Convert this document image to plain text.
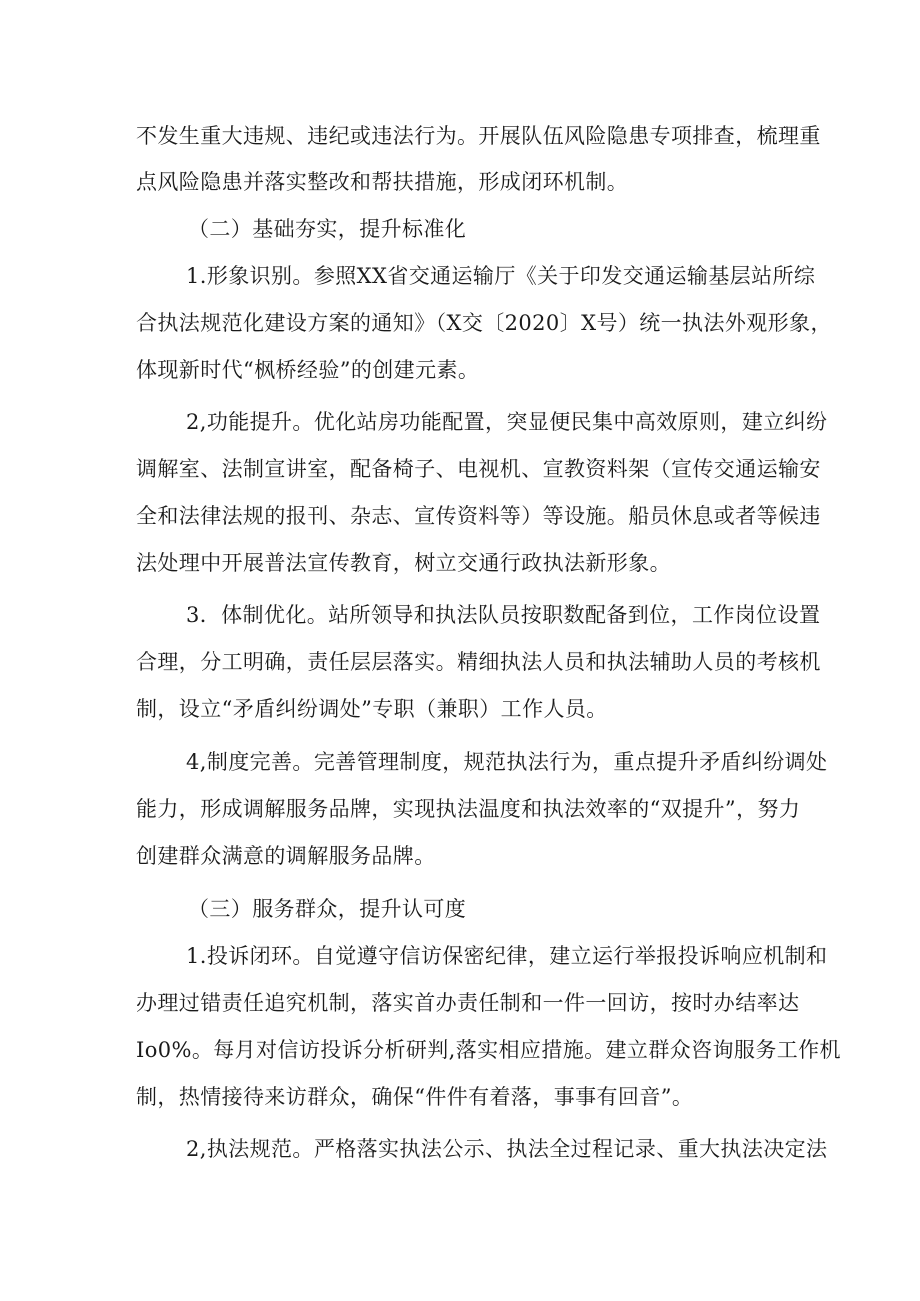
不发生重大违规、违纪或违法行为。开展队伍风险隐患专项排查，梳理重
点风险隐患并落实整改和帮扶措施，形成闭环机制。
（二）基础夯实，提升标准化
1.形象识别。参照XX省交通运输厅《关于印发交通运输基层站所综
合执法规范化建设方案的通知》（X交〔2020〕X号）统一执法外观形象，
体现新时代“枫桥经验”的创建元素。
2,功能提升。优化站房功能配置，突显便民集中高效原则，建立纠纷
调解室、法制宣讲室，配备椅子、电视机、宣教资料架（宣传交通运输安
全和法律法规的报刊、杂志、宣传资料等）等设施。船员休息或者等候违
法处理中开展普法宣传教育，树立交通行政执法新形象。
3．体制优化。站所领导和执法队员按职数配备到位，工作岗位设置
合理，分工明确，责任层层落实。精细执法人员和执法辅助人员的考核机
制，设立“矛盾纠纷调处”专职（兼职）工作人员。
4,制度完善。完善管理制度，规范执法行为，重点提升矛盾纠纷调处
能力，形成调解服务品牌，实现执法温度和执法效率的“双提升”，努力
创建群众满意的调解服务品牌。
（三）服务群众，提升认可度
1.投诉闭环。自觉遵守信访保密纪律，建立运行举报投诉响应机制和
办理过错责任追究机制，落实首办责任制和一件一回访，按时办结率达
Io0%。每月对信访投诉分析研判,落实相应措施。建立群众咨询服务工作机
制，热情接待来访群众，确保“件件有着落，事事有回音”。
2,执法规范。严格落实执法公示、执法全过程记录、重大执法决定法
